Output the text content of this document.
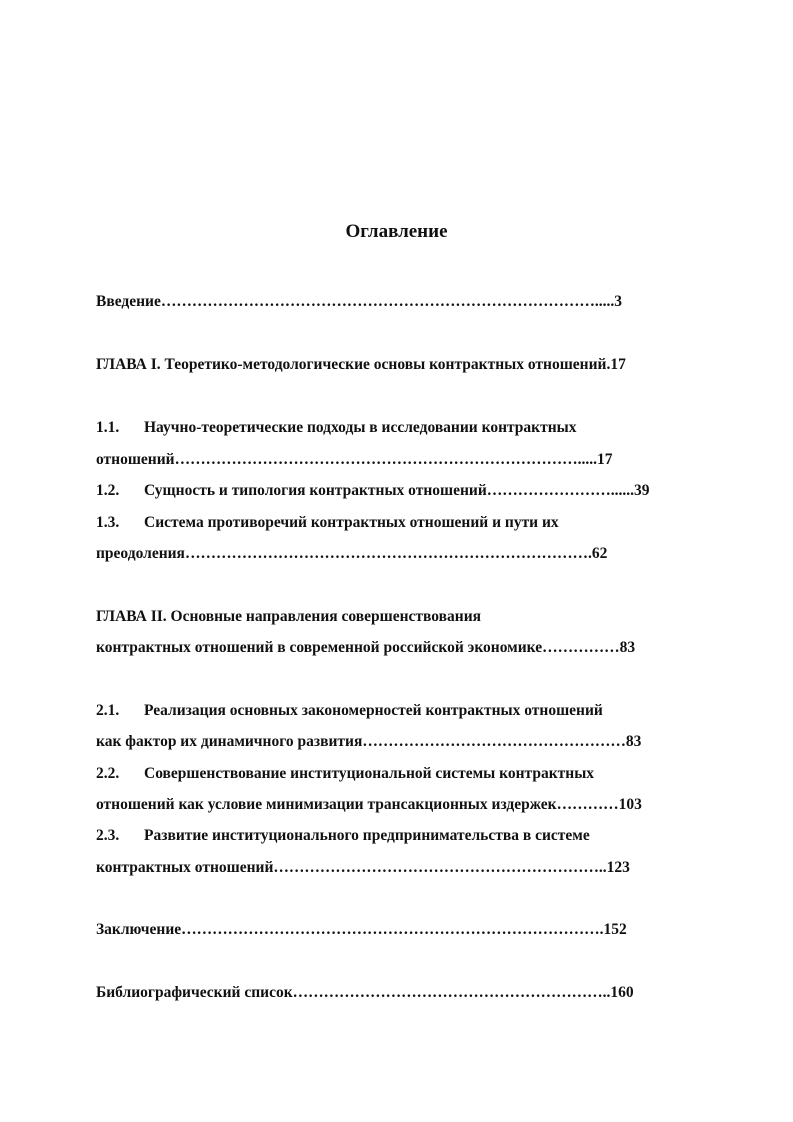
Оглавление
Введение………………………………………………………………………….....3
ГЛАВА I. Теоретико-методологические основы контрактных отношений.17
1.1. Научно-теоретические подходы в исследовании контрактных
отношений…………………………………………………………………….....17
1.2. Сущность и типология контрактных отношений……………………......39
1.3. Система противоречий контрактных отношений и пути их
преодоления…………………………………………………………………….62
ГЛАВА II. Основные направления совершенствования
контрактных отношений в современной российской экономике……………83
2.1. Реализация основных закономерностей контрактных отношений
как фактор их динамичного развития……………………………………………83
2.2. Совершенствование институциональной системы контрактных
отношений как условие минимизации трансакционных издержек…………103
2.3. Развитие институционального предпринимательства в системе
контрактных отношений………………………………………………………..123
Заключение……………………………………………………………………….152
Библиографический список……………………………………………………..160
